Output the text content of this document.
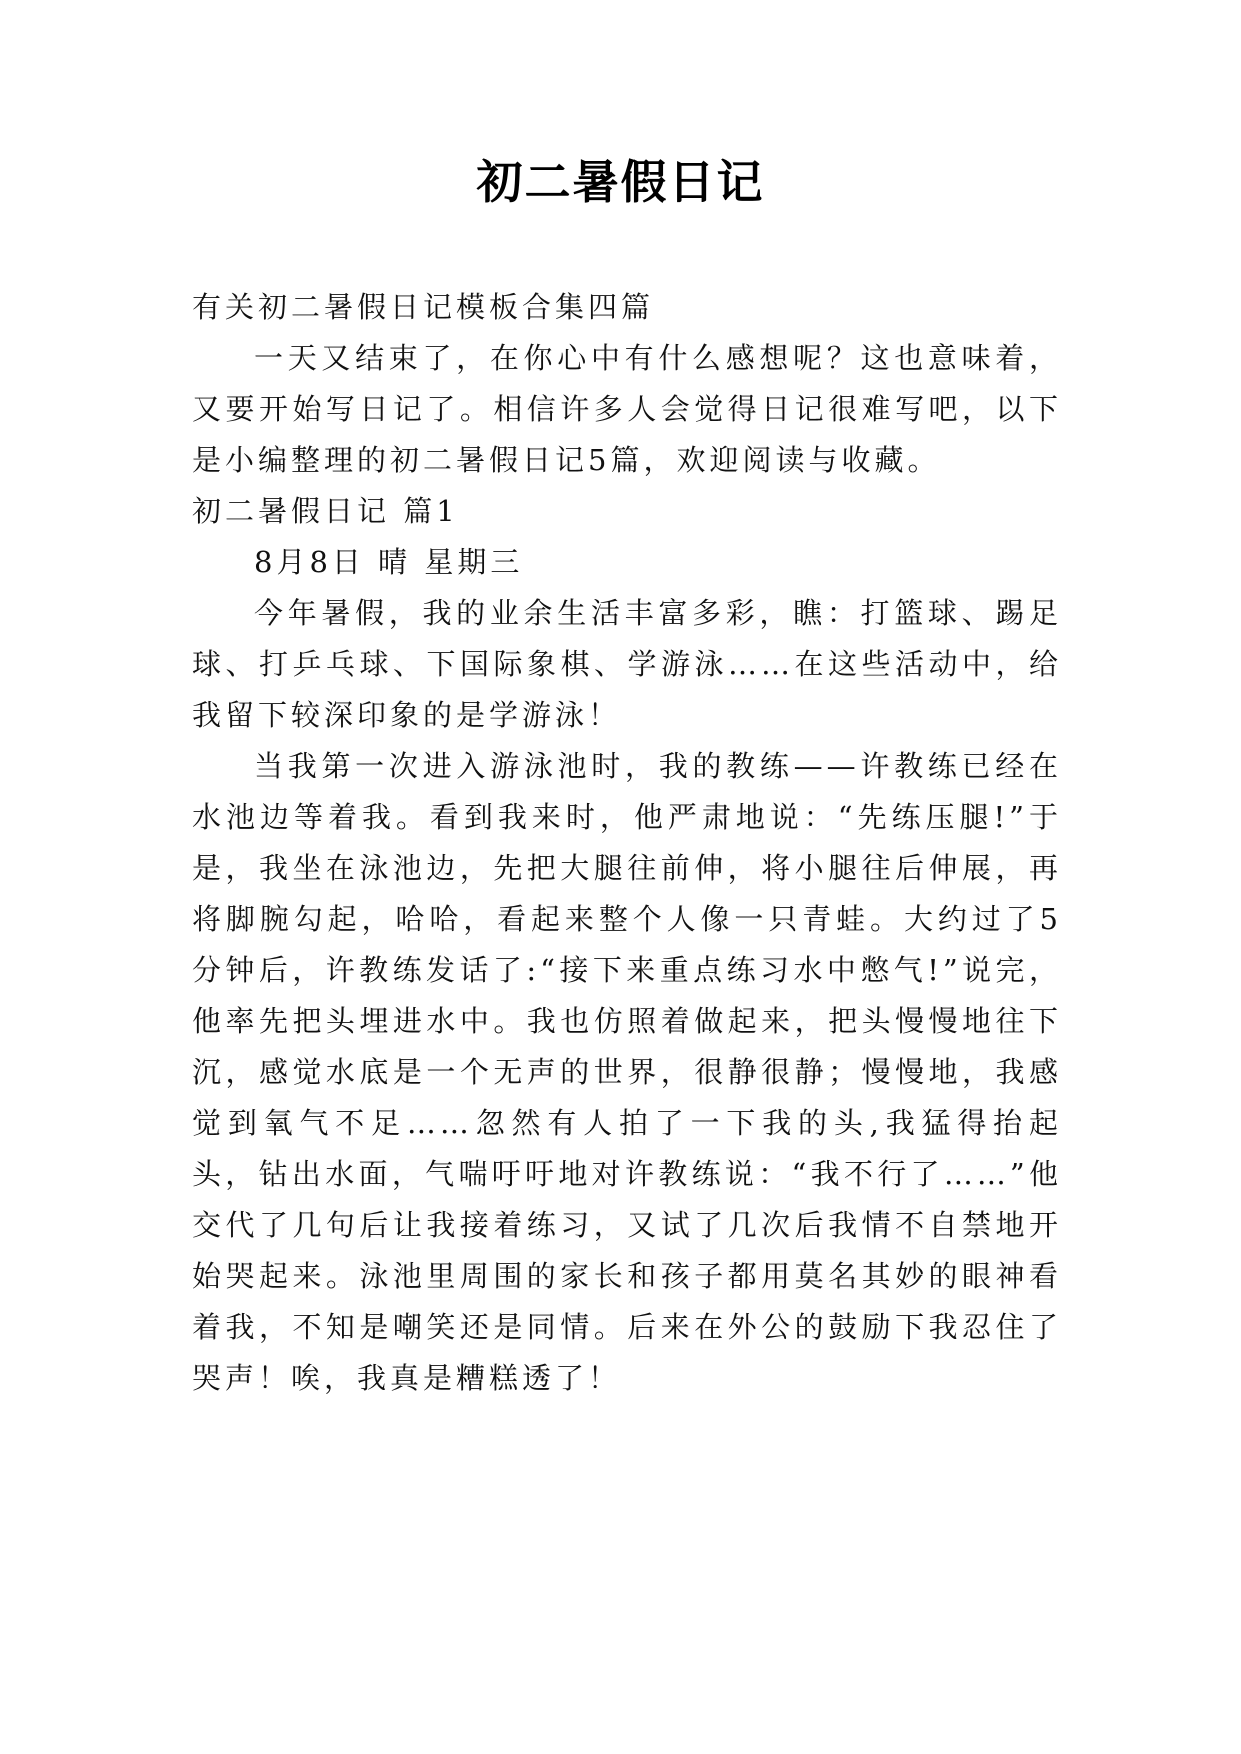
初二暑假日记

有关初二暑假日记模板合集四篇

一天又结束了，在你心中有什么感想呢？这也意味着，又要开始写日记了。相信许多人会觉得日记很难写吧，以下是小编整理的初二暑假日记5篇，欢迎阅读与收藏。

初二暑假日记 篇1

8月8日 晴 星期三

今年暑假，我的业余生活丰富多彩，瞧：打篮球、踢足球、打乒乓球、下国际象棋、学游泳……在这些活动中，给我留下较深印象的是学游泳！

当我第一次进入游泳池时，我的教练——许教练已经在水池边等着我。看到我来时，他严肃地说：“先练压腿!”于是，我坐在泳池边，先把大腿往前伸，将小腿往后伸展，再将脚腕勾起，哈哈，看起来整个人像一只青蛙。大约过了5分钟后，许教练发话了:“接下来重点练习水中憋气!”说完，他率先把头埋进水中。我也仿照着做起来，把头慢慢地往下沉，感觉水底是一个无声的世界，很静很静；慢慢地，我感觉到氧气不足……忽然有人拍了一下我的头,我猛得抬起头，钻出水面，气喘吁吁地对许教练说：“我不行了……”他交代了几句后让我接着练习，又试了几次后我情不自禁地开始哭起来。泳池里周围的家长和孩子都用莫名其妙的眼神看着我，不知是嘲笑还是同情。后来在外公的鼓励下我忍住了哭声！唉，我真是糟糕透了！
